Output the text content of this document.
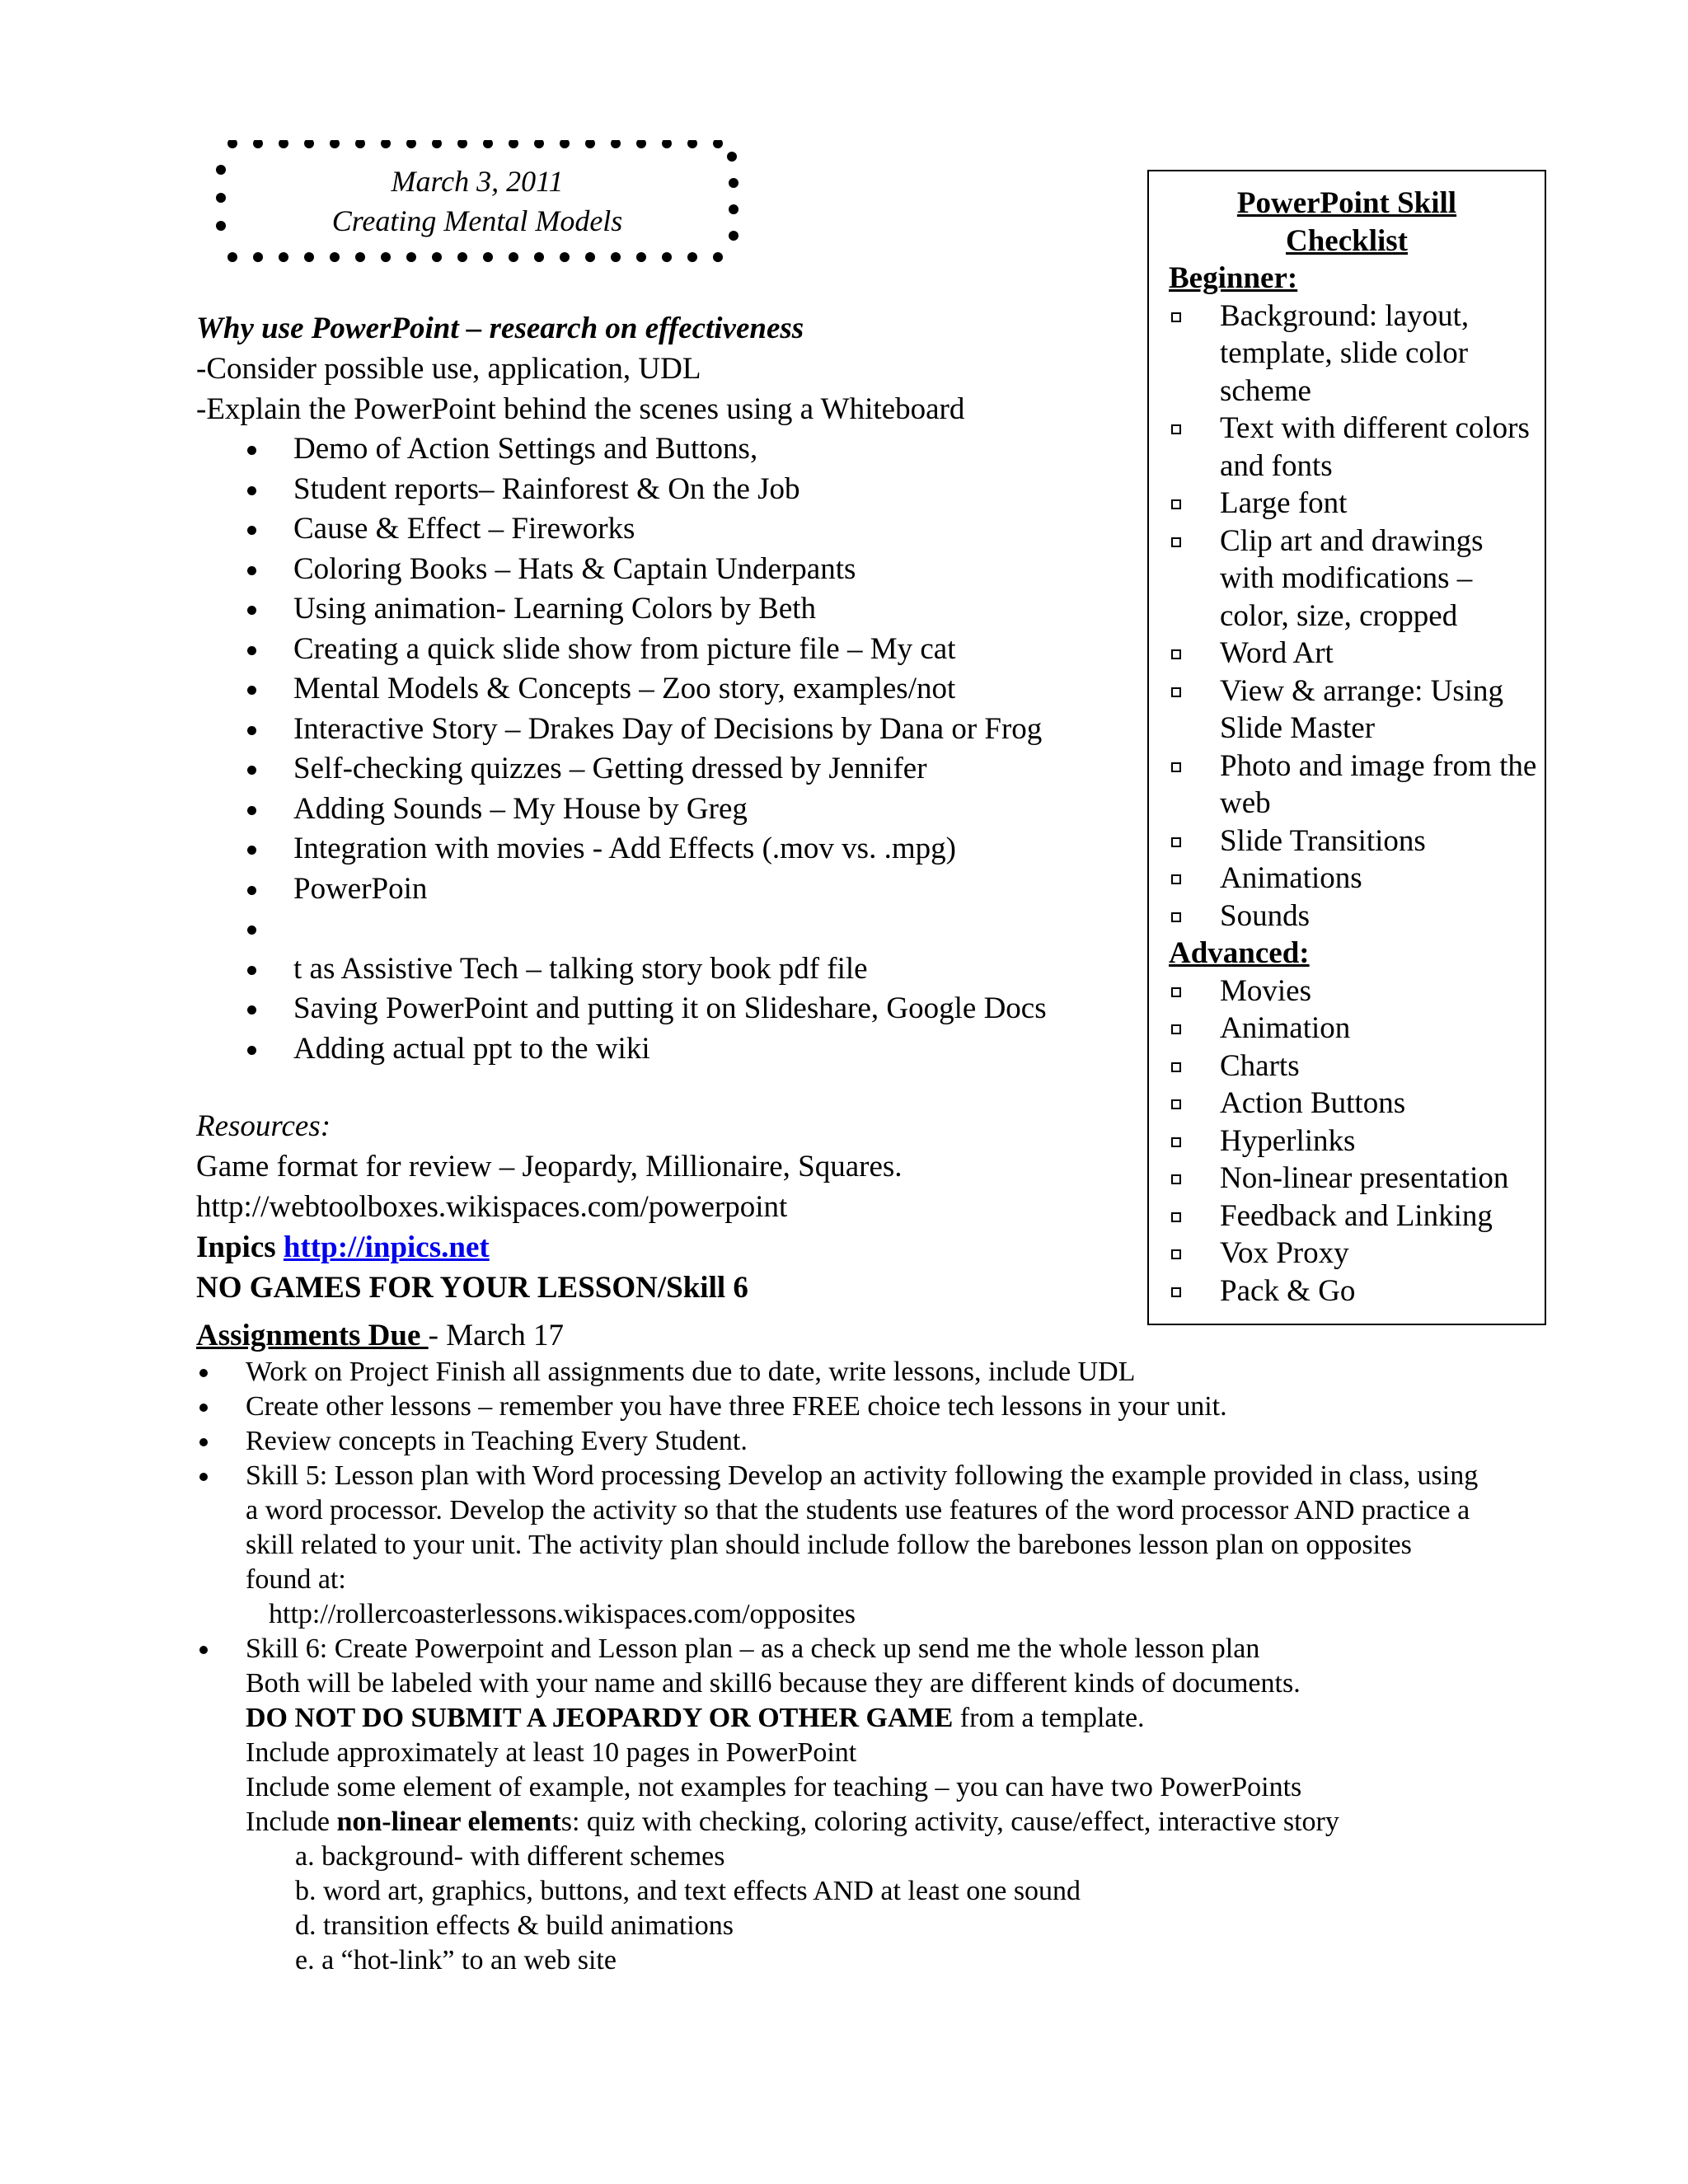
March 3, 2011
Creating Mental Models

Why use PowerPoint – research on effectiveness

-Consider possible use, application, UDL

-Explain the PowerPoint behind the scenes using a Whiteboard

Demo of Action Settings and Buttons,
Student reports– Rainforest & On the Job
Cause & Effect – Fireworks
Coloring Books – Hats & Captain Underpants
Using animation- Learning Colors by Beth
Creating a quick slide show from picture file – My cat
Mental Models & Concepts – Zoo story, examples/not
Interactive Story – Drakes Day of Decisions by Dana or Frog
Self-checking quizzes – Getting dressed by Jennifer
Adding Sounds – My House by Greg
Integration with movies - Add Effects (.mov vs. .mpg)
PowerPoin
t as Assistive Tech – talking story book pdf file
Saving PowerPoint and putting it on Slideshare, Google Docs
Adding actual ppt to the wiki

Resources:

Game format for review – Jeopardy, Millionaire, Squares.

http://webtoolboxes.wikispaces.com/powerpoint

Inpics http://inpics.net

NO GAMES FOR YOUR LESSON/Skill 6

PowerPoint Skill
Checklist
Beginner:
Background: layout, template, slide color scheme
Text with different colors and fonts
Large font
Clip art and drawings with modifications – color, size, cropped
Word Art
View & arrange: Using Slide Master
Photo and image from the web
Slide Transitions
Animations
Sounds
Advanced:
Movies
Animation
Charts
Action Buttons
Hyperlinks
Non-linear presentation
Feedback and Linking
Vox Proxy
Pack & Go
Assignments Due - March 17
Work on Project Finish all assignments due to date, write lessons, include UDL
Create other lessons – remember you have three FREE choice tech lessons in your unit.
Review concepts in Teaching Every Student.
Skill 5: Lesson plan with Word processing Develop an activity following the example provided in class, using a word processor. Develop the activity so that the students use features of the word processor AND practice a skill related to your unit. The activity plan should include follow the barebones lesson plan on opposites found at:
http://rollercoasterlessons.wikispaces.com/opposites
Skill 6: Create Powerpoint and Lesson plan – as a check up send me the whole lesson plan
Both will be labeled with your name and skill6 because they are different kinds of documents.
DO NOT DO SUBMIT A JEOPARDY OR OTHER GAME from a template.
Include approximately at least 10 pages in PowerPoint
Include some element of example, not examples for teaching – you can have two PowerPoints
Include non-linear elements: quiz with checking, coloring activity, cause/effect, interactive story
a. background- with different schemes
b. word art, graphics, buttons, and text effects AND at least one sound
d. transition effects & build animations
e. a “hot-link” to an web site
